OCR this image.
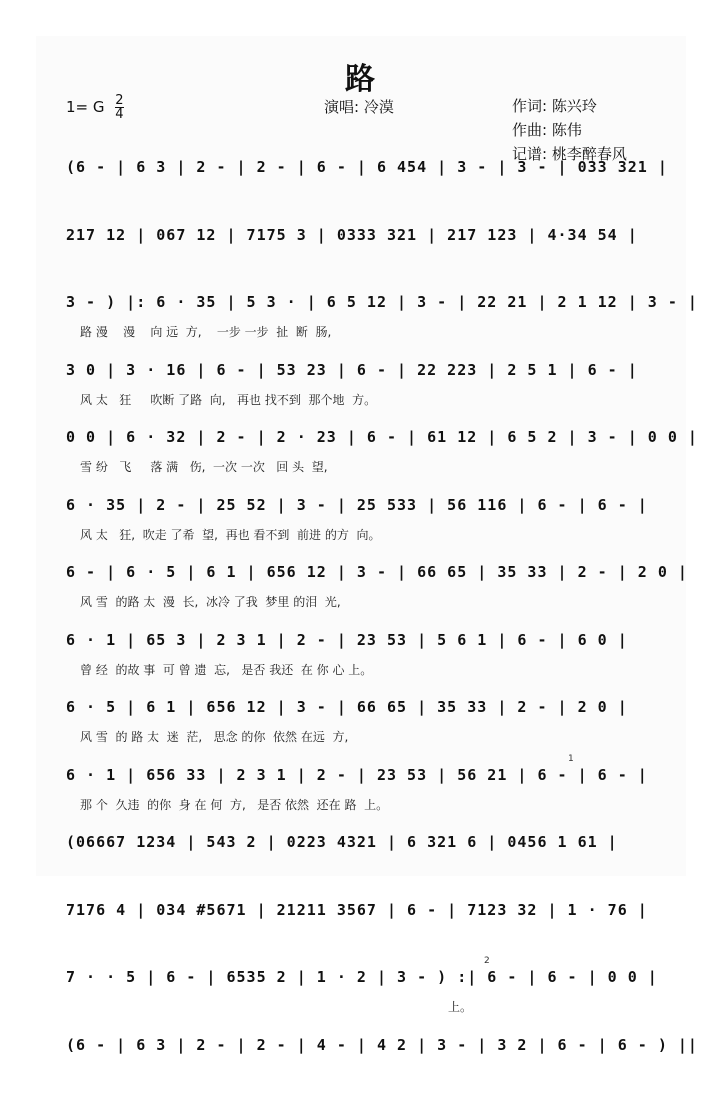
路
1= G $\frac{2}{4}$	演唱: 冷漠	作词: 陈兴玲
作曲: 陈伟
记谱: 桃李醉春风
(6 - | 6 3 | 2 - | 2 - | 6 - | 6 454 | 3 - | 3 - | 033 321 |
217 12 | 067 12 | 7175 3 | 0333 321 | 217 123 | 4·34 54 |
3 - ) |: 6 · 35 | 5 3 · | 6 5 12 | 3 - | 22 21 | 2 1 12 | 3 - |
路 漫    漫    向 远  方,    一步 一步  扯  断  肠,
3 0 | 3 · 16 | 6 - | 53 23 | 6 - | 22 223 | 2 5 1 | 6 - |
风 太   狂     吹断 了路  向,   再也 找不到  那个地  方。
0 0 | 6 · 32 | 2 - | 2 · 23 | 6 - | 61 12 | 6 5 2 | 3 - | 0 0 |
雪 纷   飞     落 满   伤,  一次 一次   回 头  望,
6 · 35 | 2 - | 25 52 | 3 - | 25 533 | 56 116 | 6 - | 6 - |
风 太   狂,  吹走 了希  望,  再也 看不到  前进 的方  向。
6 - | 6 · 5 | 6 1 | 656 12 | 3 - | 66 65 | 35 33 | 2 - | 2 0 |
风 雪  的路 太  漫  长,  冰冷 了我  梦里 的泪  光,
6 · 1 | 65 3 | 2 3 1 | 2 - | 23 53 | 5 6 1 | 6 - | 6 0 |
曾 经  的故 事  可 曾 遗  忘,   是否 我还  在 你 心 上。
6 · 5 | 6 1 | 656 12 | 3 - | 66 65 | 35 33 | 2 - | 2 0 |
风 雪  的 路 太  迷  茫,   思念 的你  依然 在远  方,
1
6 · 1 | 656 33 | 2 3 1 | 2 - | 23 53 | 56 21 | 6 - | 6 - |
那 个  久违  的你  身 在 何  方,   是否 依然  还在 路  上。
(06667 1234 | 543 2 | 0223 4321 | 6 321 6 | 0456 1 61 |
7176 4 | 034 #5671 | 21211 3567 | 6 - | 7123 32 | 1 · 76 |
2
7 · · 5 | 6 - | 6535 2 | 1 · 2 | 3 - ) :| 6 - | 6 - | 0 0 |
上。
(6 - | 6 3 | 2 - | 2 - | 4 - | 4 2 | 3 - | 3 2 | 6 - | 6 - ) ||
